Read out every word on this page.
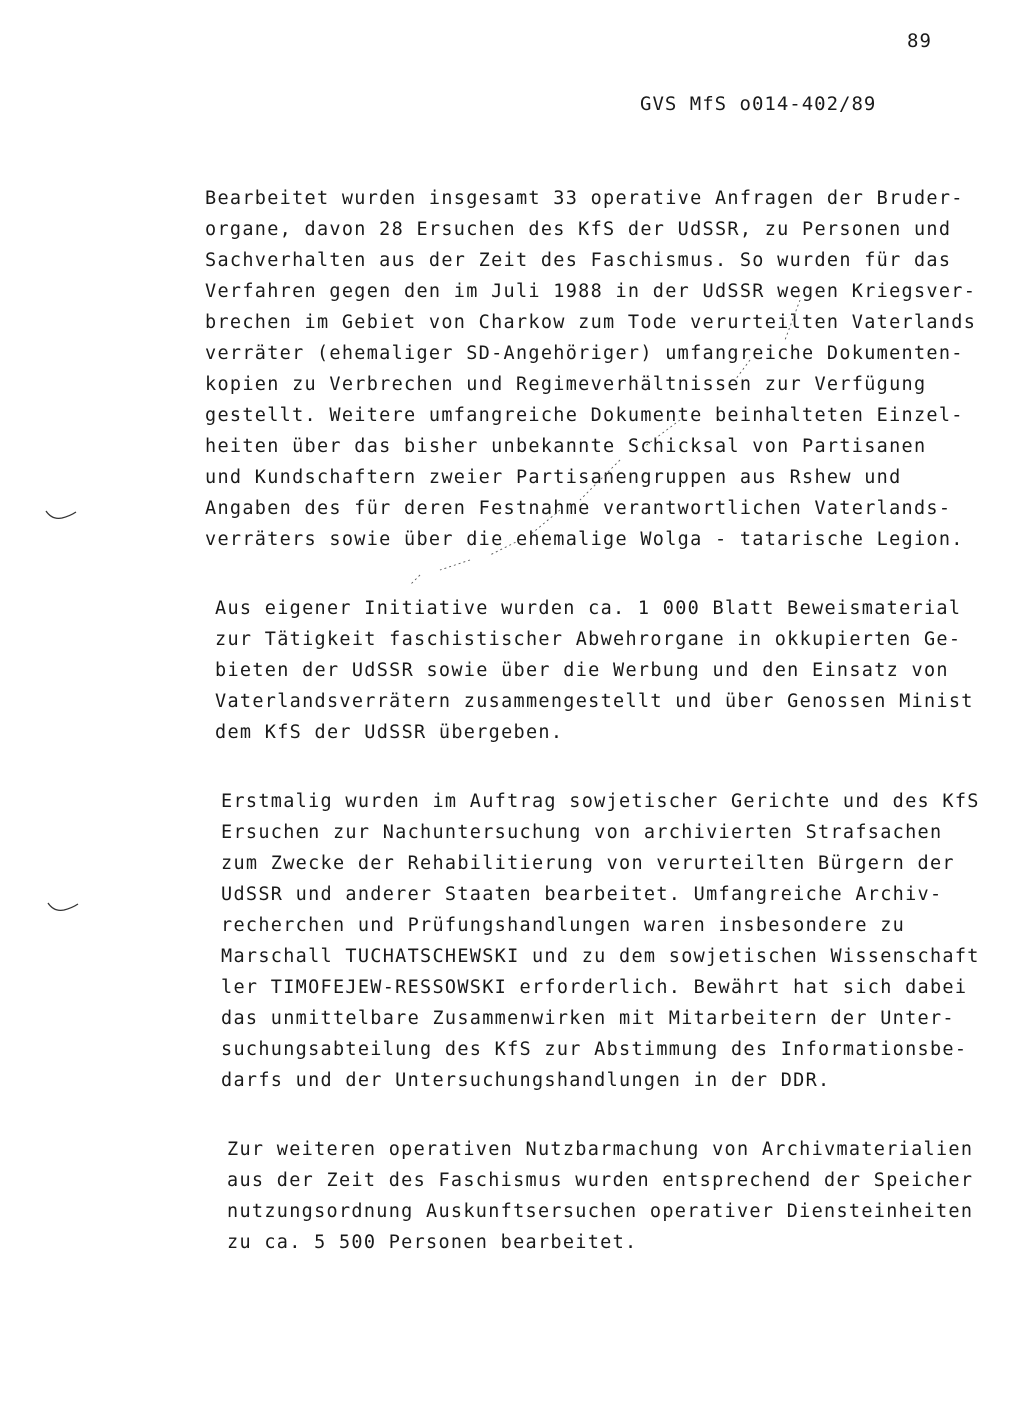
89
GVS MfS o014-402/89
Bearbeitet wurden insgesamt 33 operative Anfragen der Bruder-
organe, davon 28 Ersuchen des KfS der UdSSR, zu Personen und
Sachverhalten aus der Zeit des Faschismus. So wurden für das
Verfahren gegen den im Juli 1988 in der UdSSR wegen Kriegsver-
brechen im Gebiet von Charkow zum Tode verurteilten Vaterlands
verräter (ehemaliger SD-Angehöriger) umfangreiche Dokumenten-
kopien zu Verbrechen und Regimeverhältnissen zur Verfügung
gestellt. Weitere umfangreiche Dokumente beinhalteten Einzel-
heiten über das bisher unbekannte Schicksal von Partisanen
und Kundschaftern zweier Partisanengruppen aus Rshew und
Angaben des für deren Festnahme verantwortlichen Vaterlands-
verräters sowie über die ehemalige Wolga - tatarische Legion.
Aus eigener Initiative wurden ca. 1 000 Blatt Beweismaterial
zur Tätigkeit faschistischer Abwehrorgane in okkupierten Ge-
bieten der UdSSR sowie über die Werbung und den Einsatz von
Vaterlandsverrätern zusammengestellt und über Genossen Minist
dem KfS der UdSSR übergeben.
Erstmalig wurden im Auftrag sowjetischer Gerichte und des KfS
Ersuchen zur Nachuntersuchung von archivierten Strafsachen
zum Zwecke der Rehabilitierung von verurteilten Bürgern der
UdSSR und anderer Staaten bearbeitet. Umfangreiche Archiv-
recherchen und Prüfungshandlungen waren insbesondere zu
Marschall TUCHATSCHEWSKI und zu dem sowjetischen Wissenschaft
ler TIMOFEJEW-RESSOWSKI erforderlich. Bewährt hat sich dabei
das unmittelbare Zusammenwirken mit Mitarbeitern der Unter-
suchungsabteilung des KfS zur Abstimmung des Informationsbe-
darfs und der Untersuchungshandlungen in der DDR.
Zur weiteren operativen Nutzbarmachung von Archivmaterialien
aus der Zeit des Faschismus wurden entsprechend der Speicher
nutzungsordnung Auskunftsersuchen operativer Diensteinheiten
zu ca. 5 500 Personen bearbeitet.
